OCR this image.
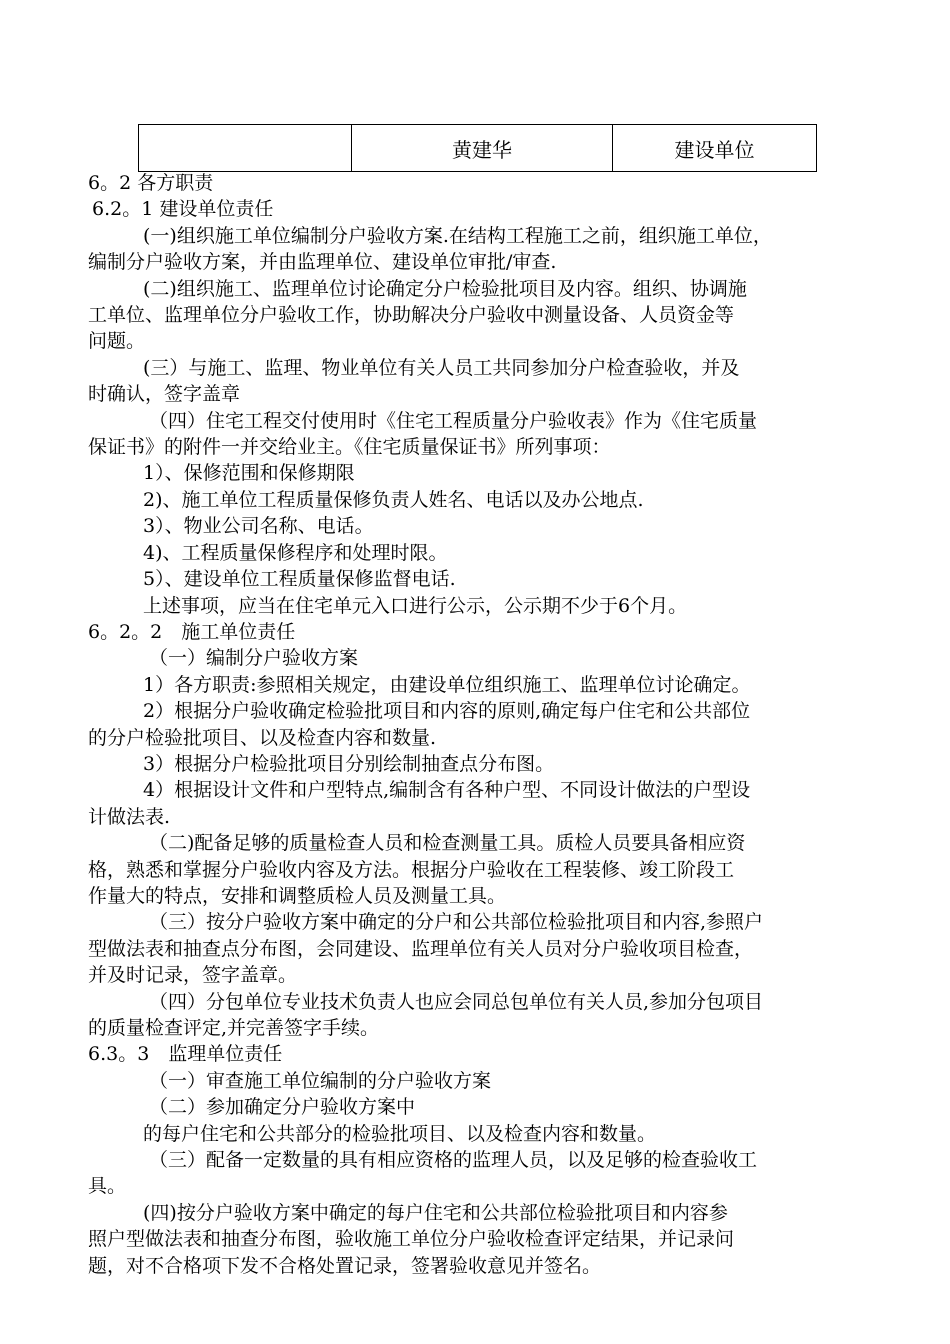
	黄建华	建设单位

6。2 各方职责

6.2。1 建设单位责任

(一)组织施工单位编制分户验收方案.在结构工程施工之前，组织施工单位，

编制分户验收方案，并由监理单位、建设单位审批/审查.

(二)组织施工、监理单位讨论确定分户检验批项目及内容。组织、协调施

工单位、监理单位分户验收工作，协助解决分户验收中测量设备、人员资金等

问题。

(三）与施工、监理、物业单位有关人员工共同参加分户检查验收，并及

时确认，签字盖章

（四）住宅工程交付使用时《住宅工程质量分户验收表》作为《住宅质量

保证书》的附件一并交给业主。《住宅质量保证书》所列事项：

1）、保修范围和保修期限

2)、施工单位工程质量保修负责人姓名、电话以及办公地点.

3）、物业公司名称、电话。

4)、工程质量保修程序和处理时限。

5）、建设单位工程质量保修监督电话.

上述事项，应当在住宅单元入口进行公示，公示期不少于6个月。

6。2。2　施工单位责任

（一）编制分户验收方案

1）各方职责:参照相关规定，由建设单位组织施工、监理单位讨论确定。

2）根据分户验收确定检验批项目和内容的原则,确定每户住宅和公共部位

的分户检验批项目、以及检查内容和数量.

3）根据分户检验批项目分别绘制抽查点分布图。

4）根据设计文件和户型特点,编制含有各种户型、不同设计做法的户型设

计做法表.

（二)配备足够的质量检查人员和检查测量工具。质检人员要具备相应资

格，熟悉和掌握分户验收内容及方法。根据分户验收在工程装修、竣工阶段工

作量大的特点，安排和调整质检人员及测量工具。

（三）按分户验收方案中确定的分户和公共部位检验批项目和内容,参照户

型做法表和抽查点分布图，会同建设、监理单位有关人员对分户验收项目检查，

并及时记录，签字盖章。

（四）分包单位专业技术负责人也应会同总包单位有关人员,参加分包项目

的质量检查评定,并完善签字手续。

6.3。3　监理单位责任

（一）审查施工单位编制的分户验收方案

（二）参加确定分户验收方案中

的每户住宅和公共部分的检验批项目、以及检查内容和数量。

（三）配备一定数量的具有相应资格的监理人员，以及足够的检查验收工

具。

(四)按分户验收方案中确定的每户住宅和公共部位检验批项目和内容参

照户型做法表和抽查分布图，验收施工单位分户验收检查评定结果，并记录问

题，对不合格项下发不合格处置记录，签署验收意见并签名。
